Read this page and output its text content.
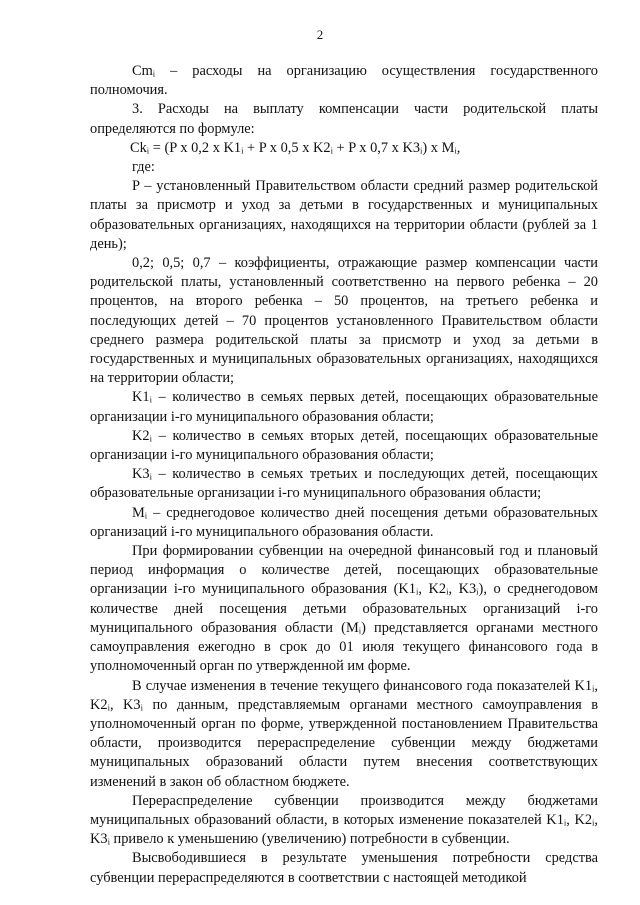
2

Cmᵢ – расходы на организацию осуществления государственного полномочия.

3. Расходы на выплату компенсации части родительской платы определяются по формуле:

Ckᵢ = (P x 0,2 x K1ᵢ + P x 0,5 x K2ᵢ + P x 0,7 x K3ᵢ) x Mᵢ,

где:

P – установленный Правительством области средний размер родительской платы за присмотр и уход за детьми в государственных и муниципальных образовательных организациях, находящихся на территории области (рублей за 1 день);

0,2; 0,5; 0,7 – коэффициенты, отражающие размер компенсации части родительской платы, установленный соответственно на первого ребенка – 20 процентов, на второго ребенка – 50 процентов, на третьего ребенка и последующих детей – 70 процентов установленного Правительством области среднего размера родительской платы за присмотр и уход за детьми в государственных и муниципальных образовательных организациях, находящихся на территории области;

K1ᵢ – количество в семьях первых детей, посещающих образовательные организации i-го муниципального образования области;

K2ᵢ – количество в семьях вторых детей, посещающих образовательные организации i-го муниципального образования области;

K3ᵢ – количество в семьях третьих и последующих детей, посещающих образовательные организации i-го муниципального образования области;

Mᵢ – среднегодовое количество дней посещения детьми образовательных организаций i-го муниципального образования области.

При формировании субвенции на очередной финансовый год и плановый период информация о количестве детей, посещающих образовательные организации i-го муниципального образования (K1ᵢ, K2ᵢ, K3ᵢ), о среднегодовом количестве дней посещения детьми образовательных организаций i-го муниципального образования области (Mᵢ) представляется органами местного самоуправления ежегодно в срок до 01 июля текущего финансового года в уполномоченный орган по утвержденной им форме.

В случае изменения в течение текущего финансового года показателей K1ᵢ, K2ᵢ, K3ᵢ по данным, представляемым органами местного самоуправления в уполномоченный орган по форме, утвержденной постановлением Правительства области, производится перераспределение субвенции между бюджетами муниципальных образований области путем внесения соответствующих изменений в закон об областном бюджете.

Перераспределение субвенции производится между бюджетами муниципальных образований области, в которых изменение показателей K1ᵢ, K2ᵢ, K3ᵢ привело к уменьшению (увеличению) потребности в субвенции.

Высвободившиеся в результате уменьшения потребности средства субвенции перераспределяются в соответствии с настоящей методикой
